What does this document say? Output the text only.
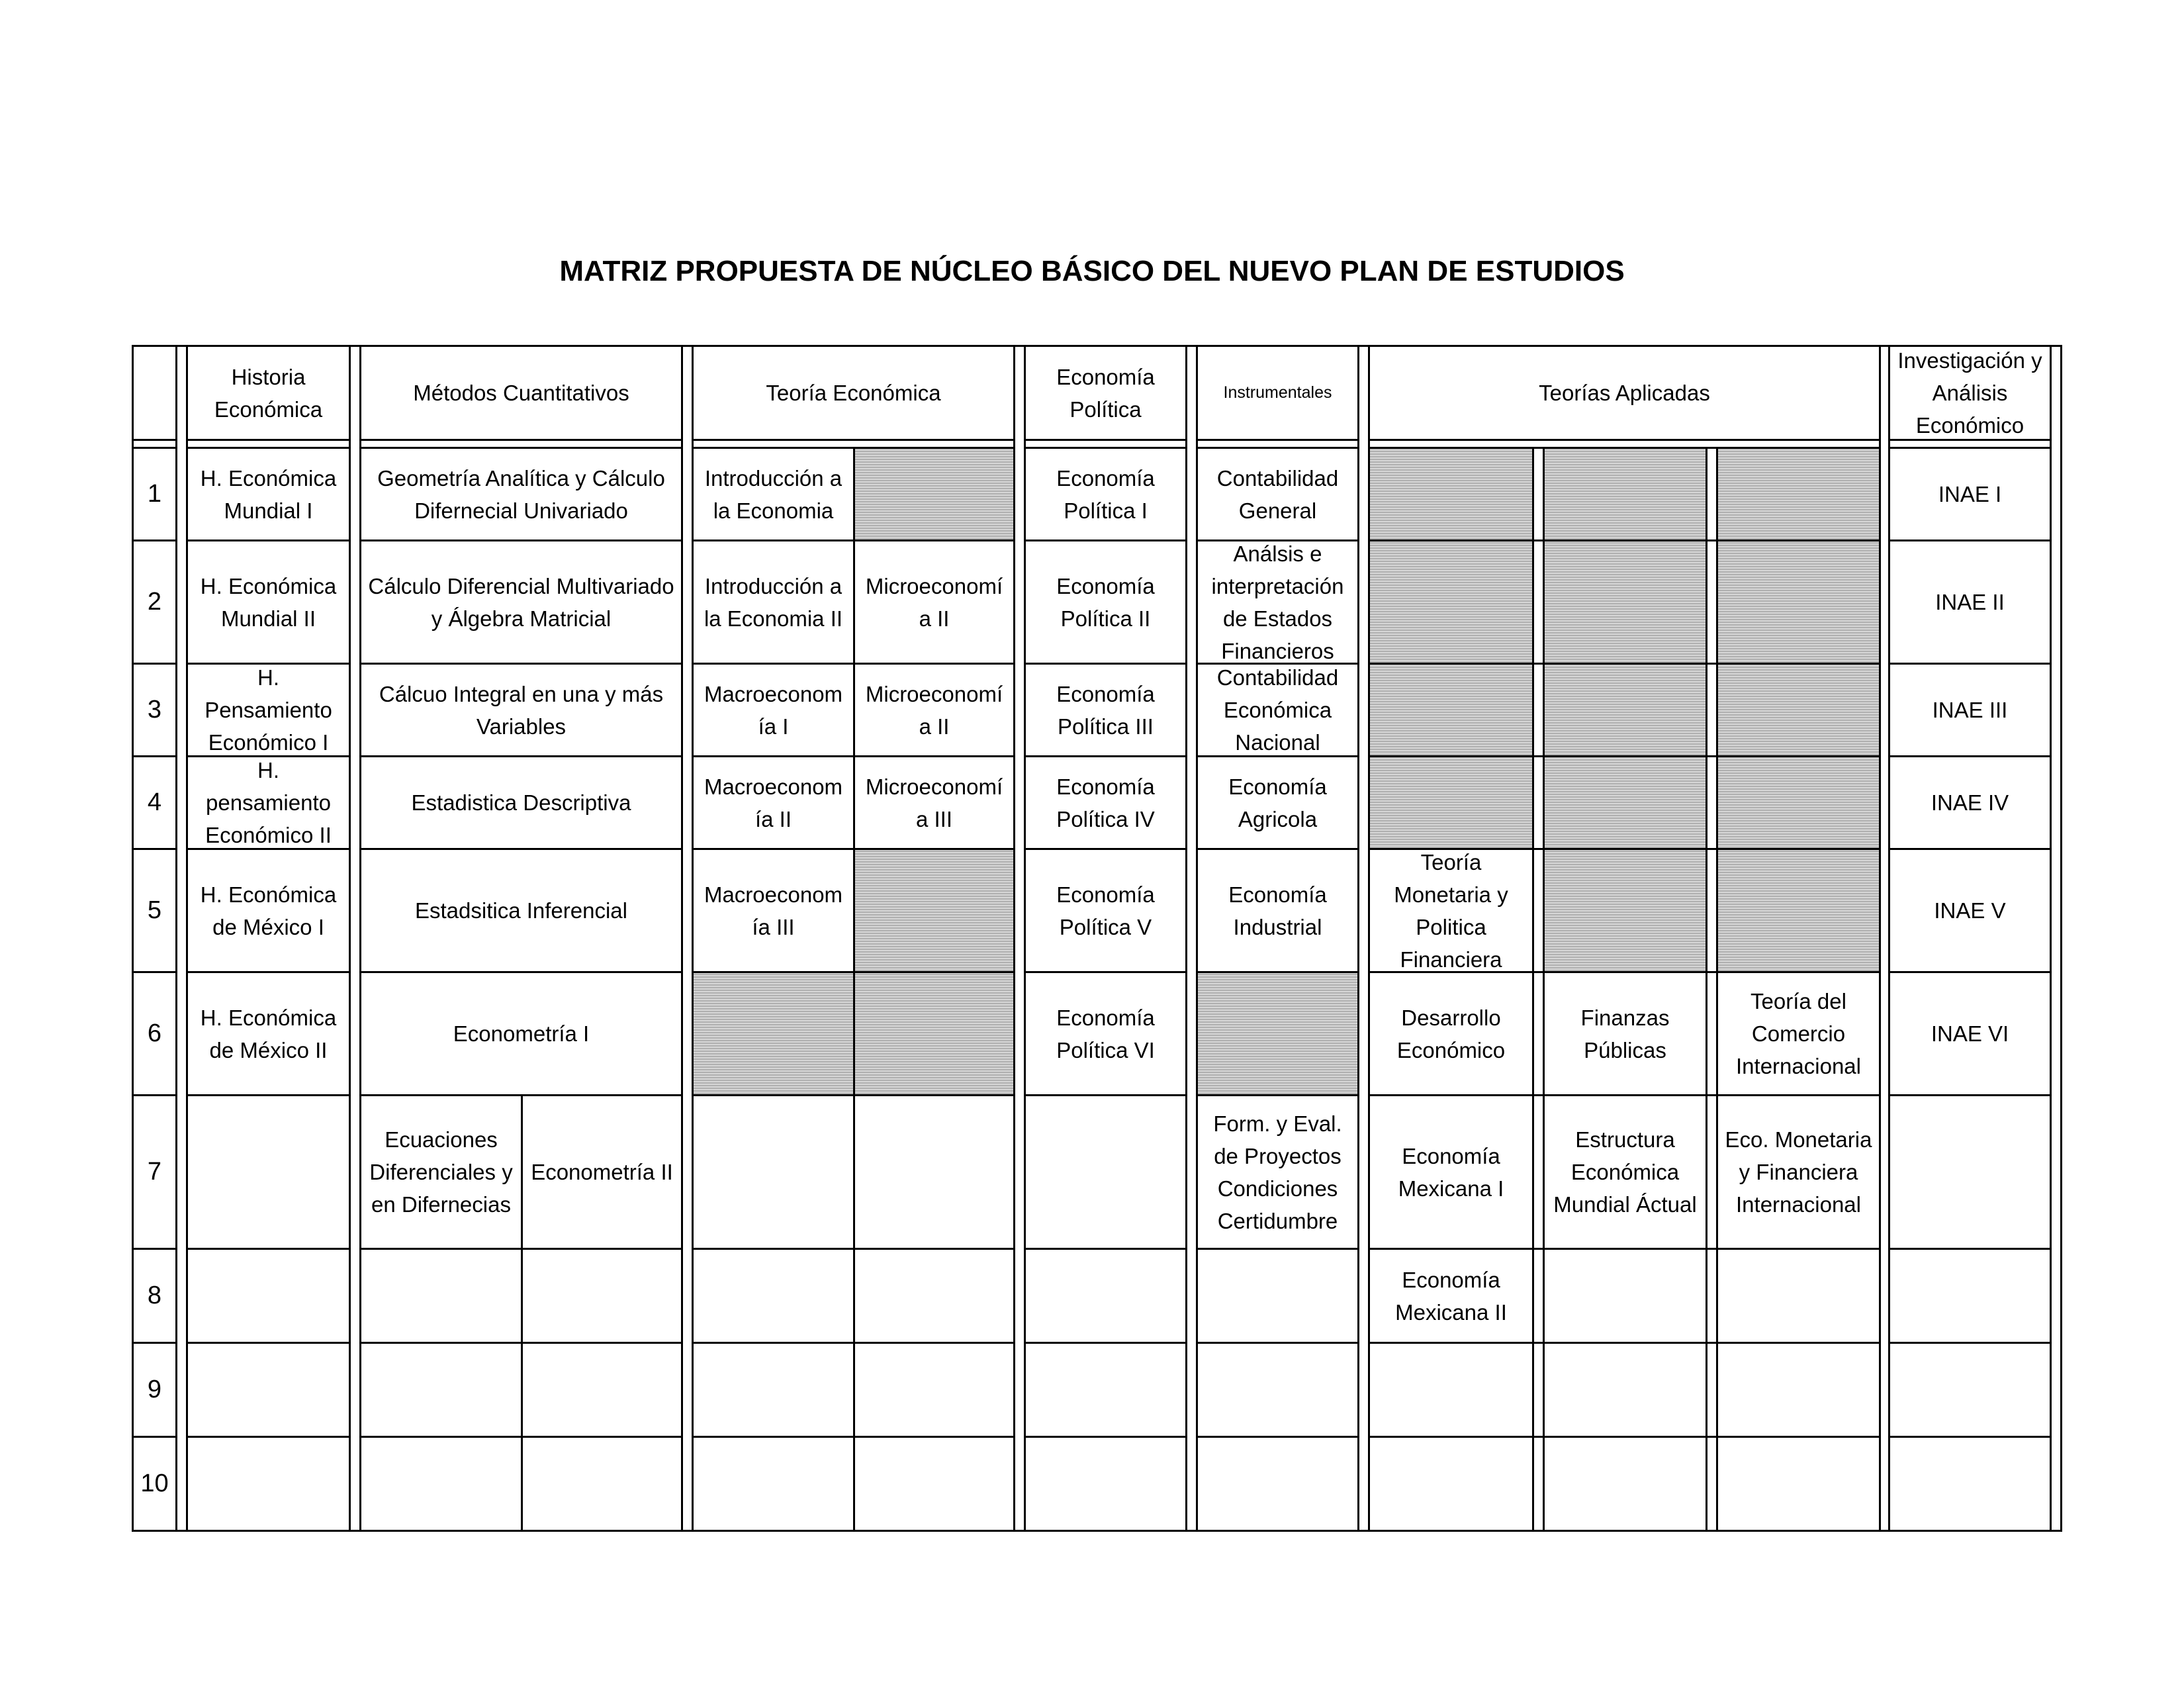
MATRIZ PROPUESTA DE NÚCLEO BÁSICO DEL NUEVO PLAN DE ESTUDIOS
Historia Económica
Métodos Cuantitativos	Teoría Económica
Economía Política
Instrumentales	Teorías Aplicadas
Investigación y Análisis Económico
1
H. Económica Mundial I
Geometría Analítica y Cálculo Difernecial Univariado
Introducción a la Economia
Economía Política I
Contabilidad General
INAE I
2
H. Económica Mundial II
Cálculo Diferencial Multivariado y Álgebra Matricial
Introducción a la Economia II
Microeconomí a II
Economía Política II
Análsis e interpretación de Estados Financieros
INAE II
3
H. Pensamiento Económico I
Cálcuo Integral en una y más Variables
Macroeconom ía I
Microeconomí a II
Economía Política III
Contabilidad Económica Nacional
INAE III
4
H. pensamiento Económico II
Estadistica Descriptiva
Macroeconom ía II
Microeconomí a III
Economía Política IV
Economía Agricola
INAE IV
5
H. Económica de México I
Estadsitica Inferencial
Macroeconom ía III
Economía Política V
Economía Industrial
Teoría Monetaria y Politica Financiera
INAE V
6
H. Económica de México II
Econometría I
Economía Política VI
Desarrollo Económico
Finanzas Públicas
Teoría del Comercio Internacional
INAE VI
7
Ecuaciones Diferenciales y en Difernecias
Econometría II
Form. y Eval. de Proyectos Condiciones Certidumbre
Economía Mexicana I
Estructura Económica Mundial Áctual
Eco. Monetaria y Financiera Internacional
8
Economía Mexicana II
9
10
